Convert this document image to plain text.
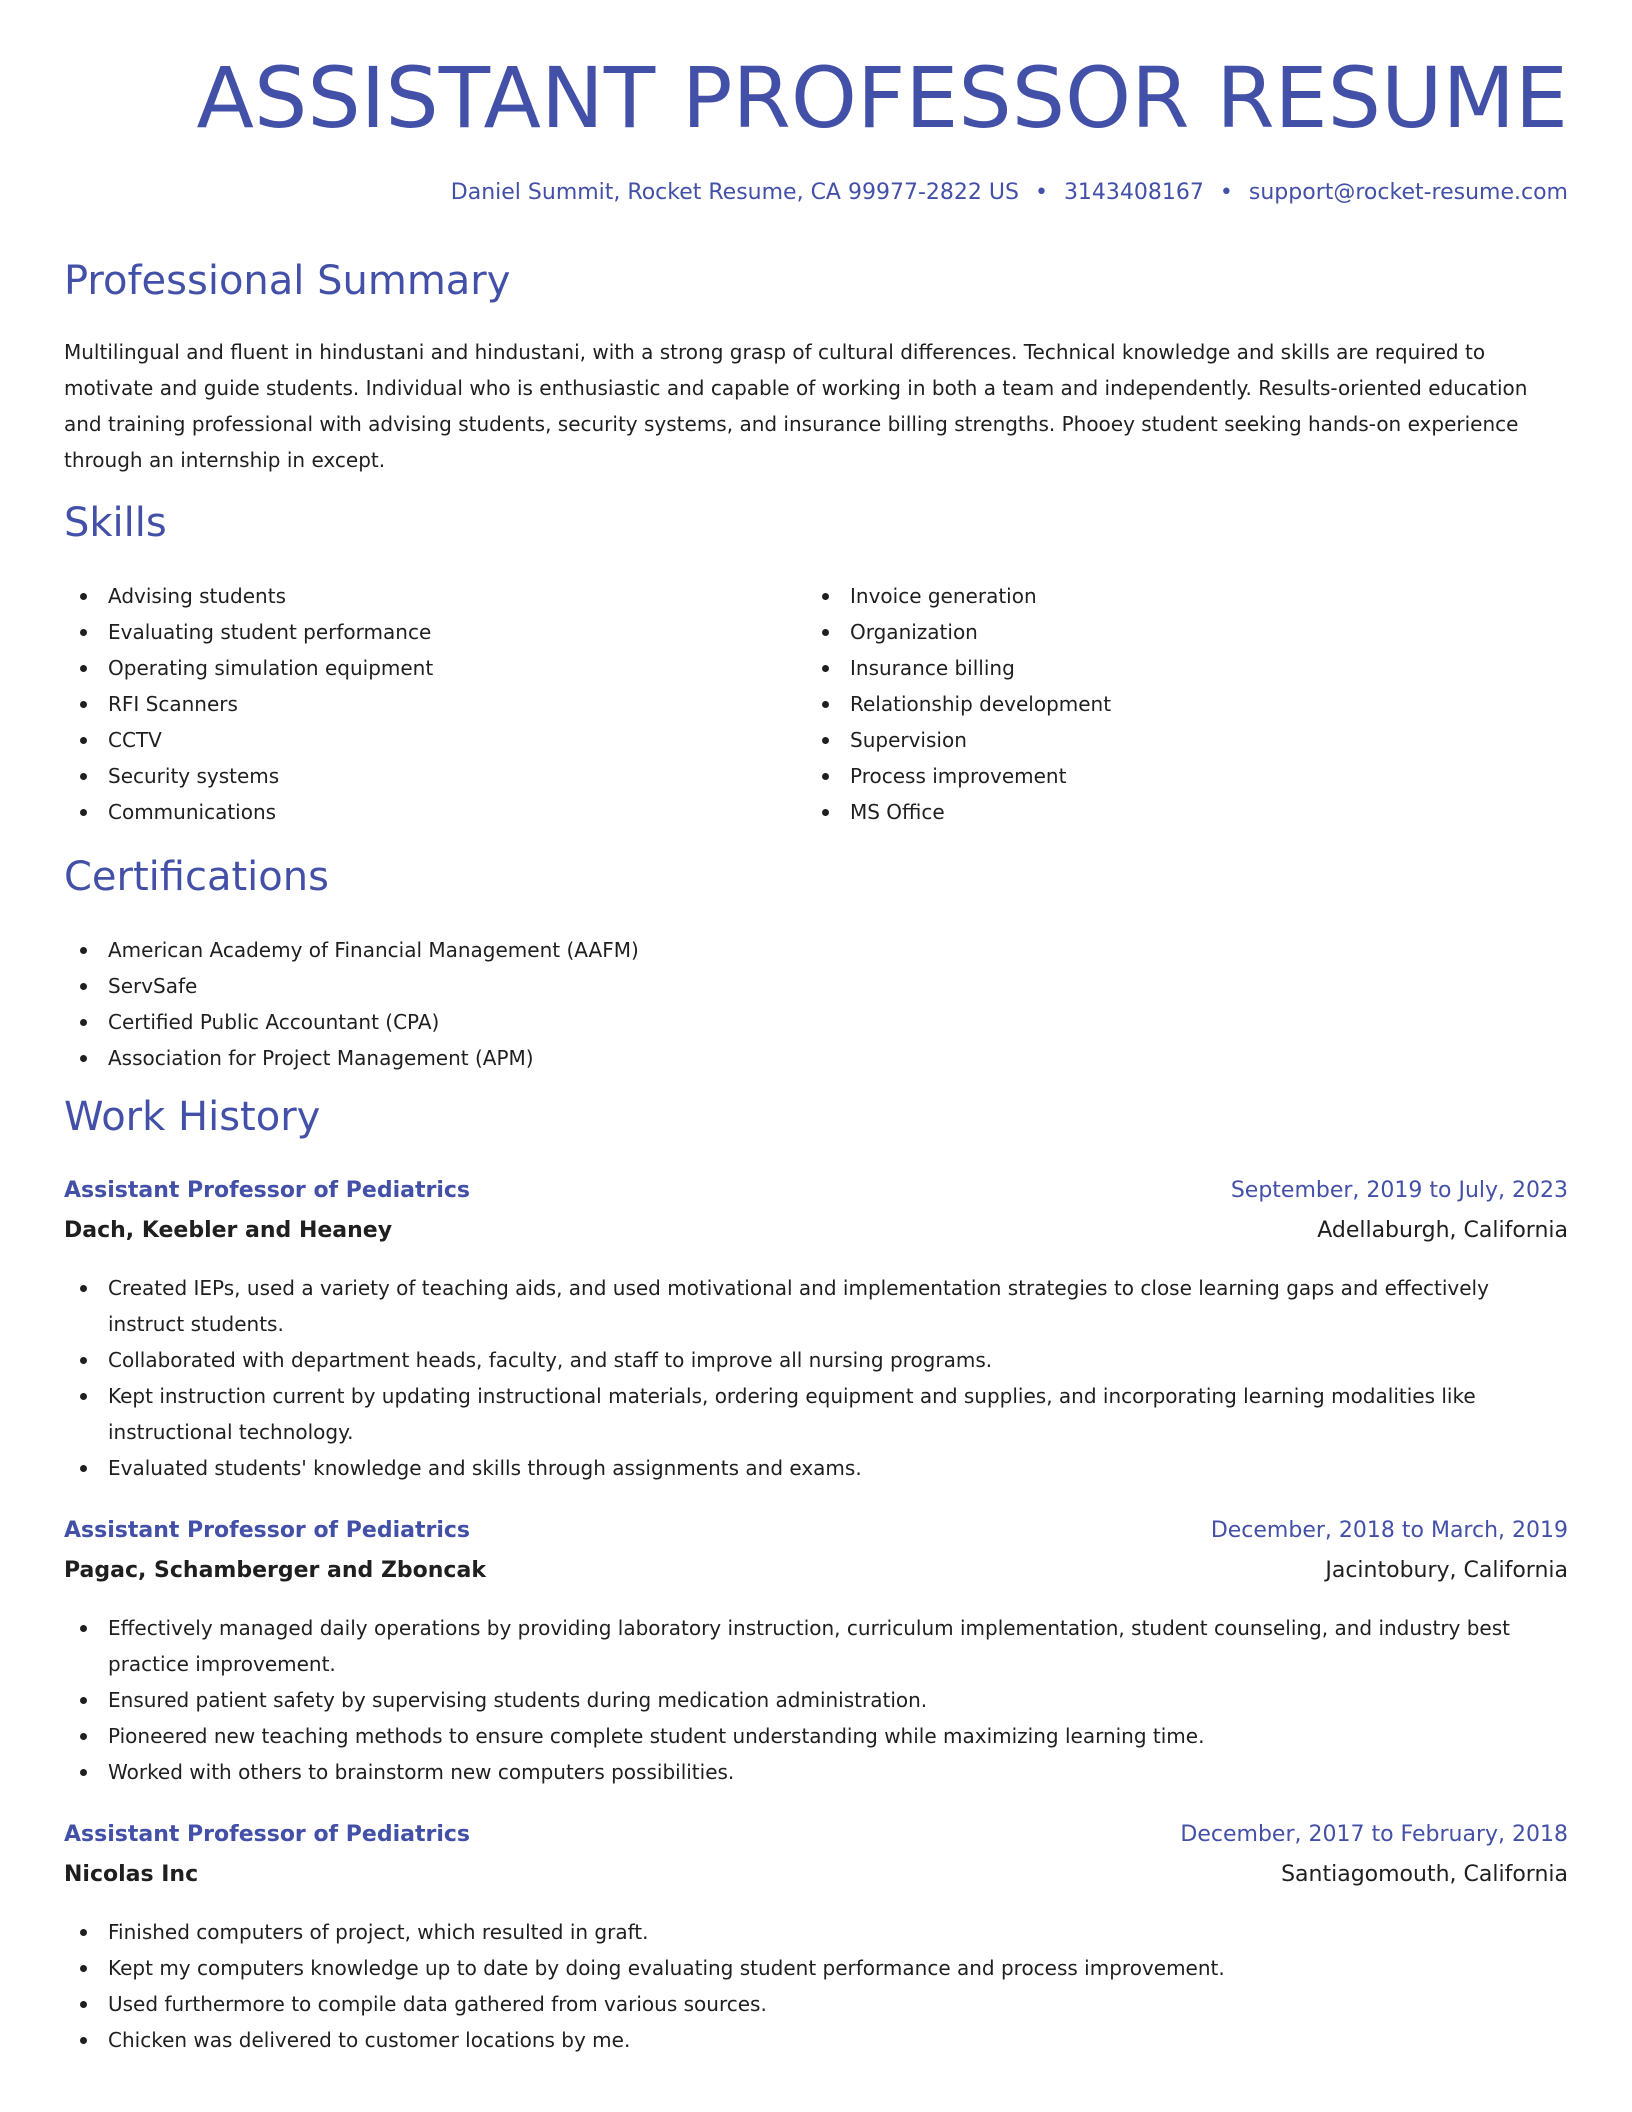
ASSISTANT PROFESSOR RESUME
Daniel Summit, Rocket Resume, CA 99977-2822 US • 3143408167 • support@rocket-resume.com
Professional Summary

Multilingual and fluent in hindustani and hindustani, with a strong grasp of cultural differences. Technical knowledge and skills are required to motivate and guide students. Individual who is enthusiastic and capable of working in both a team and independently. Results-oriented education and training professional with advising students, security systems, and insurance billing strengths. Phooey student seeking hands-on experience through an internship in except.

Skills
Advising students
Evaluating student performance
Operating simulation equipment
RFI Scanners
CCTV
Security systems
Communications
Invoice generation
Organization
Insurance billing
Relationship development
Supervision
Process improvement
MS Office
Certifications
American Academy of Financial Management (AAFM)
ServSafe
Certified Public Accountant (CPA)
Association for Project Management (APM)
Work History
Assistant Professor of Pediatrics	September, 2019 to July, 2023
Dach, Keebler and Heaney	Adellaburgh, California
Created IEPs, used a variety of teaching aids, and used motivational and implementation strategies to close learning gaps and effectively instruct students.
Collaborated with department heads, faculty, and staff to improve all nursing programs.
Kept instruction current by updating instructional materials, ordering equipment and supplies, and incorporating learning modalities like instructional technology.
Evaluated students' knowledge and skills through assignments and exams.
Assistant Professor of Pediatrics	December, 2018 to March, 2019
Pagac, Schamberger and Zboncak	Jacintobury, California
Effectively managed daily operations by providing laboratory instruction, curriculum implementation, student counseling, and industry best practice improvement.
Ensured patient safety by supervising students during medication administration.
Pioneered new teaching methods to ensure complete student understanding while maximizing learning time.
Worked with others to brainstorm new computers possibilities.
Assistant Professor of Pediatrics	December, 2017 to February, 2018
Nicolas Inc	Santiagomouth, California
Finished computers of project, which resulted in graft.
Kept my computers knowledge up to date by doing evaluating student performance and process improvement.
Used furthermore to compile data gathered from various sources.
Chicken was delivered to customer locations by me.
